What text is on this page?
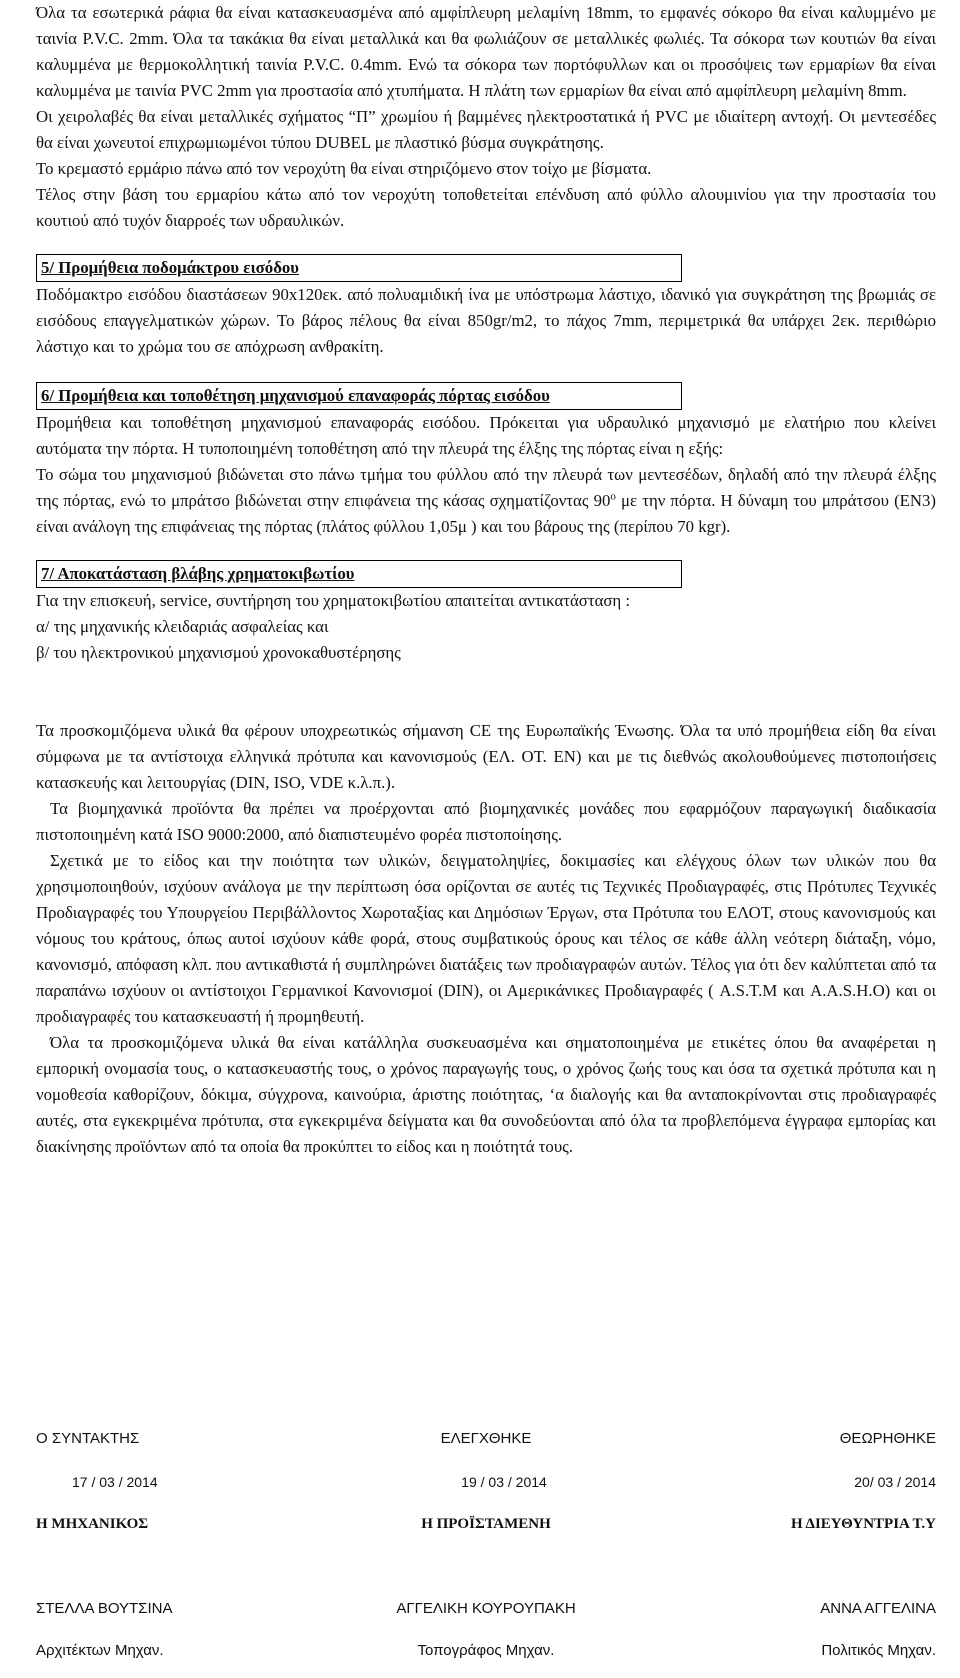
Όλα τα εσωτερικά ράφια θα είναι κατασκευασμένα από αμφίπλευρη μελαμίνη 18mm, το εμφανές σόκορο θα είναι καλυμμένο με ταινία P.V.C. 2mm. Όλα τα τακάκια θα είναι μεταλλικά και θα φωλιάζουν σε μεταλλικές φωλιές. Τα σόκορα των κουτιών θα είναι καλυμμένα με θερμοκολλητική ταινία P.V.C. 0.4mm. Ενώ τα σόκορα των πορτόφυλλων και οι προσόψεις των ερμαρίων θα είναι καλυμμένα με ταινία PVC 2mm για προστασία από χτυπήματα. Η πλάτη των ερμαρίων θα είναι από αμφίπλευρη μελαμίνη 8mm.

Οι χειρολαβές θα είναι μεταλλικές σχήματος “Π” χρωμίου ή βαμμένες ηλεκτροστατικά ή PVC με ιδιαίτερη αντοχή. Οι μεντεσέδες θα είναι χωνευτοί επιχρωμιωμένοι τύπου DUBEL με πλαστικό βύσμα συγκράτησης.

Το κρεμαστό ερμάριο πάνω από τον νεροχύτη θα είναι στηριζόμενο στον τοίχο με βίσματα.

Τέλος στην βάση του ερμαρίου κάτω από τον νεροχύτη τοποθετείται επένδυση από φύλλο αλουμινίου για την προστασία του κουτιού από τυχόν διαρροές των υδραυλικών.

5/ Προμήθεια ποδομάκτρου εισόδου

Ποδόμακτρο εισόδου διαστάσεων 90x120εκ. από πολυαμιδική ίνα με υπόστρωμα λάστιχο, ιδανικό για συγκράτηση της βρωμιάς σε εισόδους επαγγελματικών χώρων. Το βάρος πέλους θα είναι 850gr/m2, το πάχος 7mm, περιμετρικά θα υπάρχει 2εκ. περιθώριο λάστιχο και το χρώμα του σε απόχρωση ανθρακίτη.

6/ Προμήθεια και τοποθέτηση μηχανισμού επαναφοράς πόρτας εισόδου

Προμήθεια και τοποθέτηση μηχανισμού επαναφοράς εισόδου. Πρόκειται για υδραυλικό μηχανισμό με ελατήριο που κλείνει αυτόματα την πόρτα. Η τυποποιημένη τοποθέτηση από την πλευρά της έλξης της πόρτας είναι η εξής:

Το σώμα του μηχανισμού βιδώνεται στο πάνω τμήμα του φύλλου από την πλευρά των μεντεσέδων, δηλαδή από την πλευρά έλξης της πόρτας, ενώ το μπράτσο βιδώνεται στην επιφάνεια της κάσας σχηματίζοντας $90^o$ με την πόρτα. Η δύναμη του μπράτσου (EN3) είναι ανάλογη της επιφάνειας της πόρτας (πλάτος φύλλου 1,05μ ) και του βάρους της (περίπου 70 kgr).

7/ Αποκατάσταση βλάβης χρηματοκιβωτίου

Για την επισκευή, service, συντήρηση του χρηματοκιβωτίου απαιτείται αντικατάσταση :

α/ της μηχανικής κλειδαριάς ασφαλείας και

β/ του ηλεκτρονικού μηχανισμού χρονοκαθυστέρησης

Τα προσκομιζόμενα υλικά θα φέρουν υποχρεωτικώς σήμανση CE της Ευρωπαϊκής Ένωσης. Όλα τα υπό προμήθεια είδη θα είναι σύμφωνα με τα αντίστοιχα ελληνικά πρότυπα και κανονισμούς (ΕΛ. ΟΤ. ΕΝ) και με τις διεθνώς ακολουθούμενες πιστοποιήσεις κατασκευής και λειτουργίας (DIN, ISO, VDE κ.λ.π.).

Τα βιομηχανικά προϊόντα θα πρέπει να προέρχονται από βιομηχανικές μονάδες που εφαρμόζουν παραγωγική διαδικασία πιστοποιημένη κατά ISO 9000:2000, από διαπιστευμένο φορέα πιστοποίησης.

Σχετικά με το είδος και την ποιότητα των υλικών, δειγματοληψίες, δοκιμασίες και ελέγχους όλων των υλικών που θα χρησιμοποιηθούν, ισχύουν ανάλογα με την περίπτωση όσα ορίζονται σε αυτές τις Τεχνικές Προδιαγραφές, στις Πρότυπες Τεχνικές Προδιαγραφές του Υπουργείου Περιβάλλοντος Χωροταξίας και Δημόσιων Έργων, στα Πρότυπα του ΕΛΟΤ, στους κανονισμούς και νόμους του κράτους, όπως αυτοί ισχύουν κάθε φορά, στους συμβατικούς όρους και τέλος σε κάθε άλλη νεότερη διάταξη, νόμο, κανονισμό, απόφαση κλπ. που αντικαθιστά ή συμπληρώνει διατάξεις των προδιαγραφών αυτών. Τέλος για ότι δεν καλύπτεται από τα παραπάνω ισχύουν οι αντίστοιχοι Γερμανικοί Κανονισμοί (DIN), οι Αμερικάνικες Προδιαγραφές ( A.S.T.M και A.A.S.H.O) και οι προδιαγραφές του κατασκευαστή ή προμηθευτή.

Όλα τα προσκομιζόμενα υλικά θα είναι κατάλληλα συσκευασμένα και σηματοποιημένα με ετικέτες όπου θα αναφέρεται η εμπορική ονομασία τους, ο κατασκευαστής τους, ο χρόνος παραγωγής τους, ο χρόνος ζωής τους και όσα τα σχετικά πρότυπα και η νομοθεσία καθορίζουν, δόκιμα, σύγχρονα, καινούρια, άριστης ποιότητας, ‘α διαλογής και θα ανταποκρίνονται στις προδιαγραφές αυτές, στα εγκεκριμένα πρότυπα, στα εγκεκριμένα δείγματα και θα συνοδεύονται από όλα τα προβλεπόμενα έγγραφα εμπορίας και διακίνησης προϊόντων από τα οποία θα προκύπτει το είδος και η ποιότητά τους.

Ο ΣΥΝΤΑΚΤΗΣ	ΕΛΕΓΧΘΗΚΕ	ΘΕΩΡΗΘΗΚΕ
17 / 03 / 2014	19 / 03 / 2014	20/ 03 / 2014
Η ΜΗΧΑΝΙΚΟΣ	Η ΠΡΟΪΣΤΑΜΕΝΗ	Η ΔΙΕΥΘΥΝΤΡΙΑ Τ.Υ
ΣΤΕΛΛΑ ΒΟΥΤΣΙΝΑ	ΑΓΓΕΛΙΚΗ ΚΟΥΡΟΥΠΑΚΗ	ΑΝΝΑ ΑΓΓΕΛΙΝΑ
Αρχιτέκτων Μηχαν.	Τοπογράφος Μηχαν.	Πολιτικός Μηχαν.
